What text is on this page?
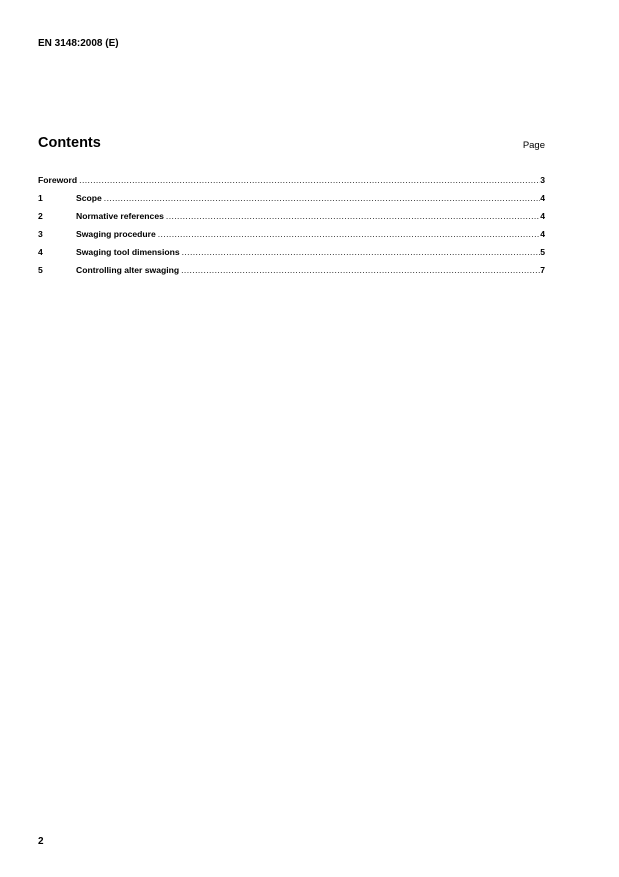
EN 3148:2008 (E)
Contents	Page
Foreword .....	3
1	Scope .....	4
2	Normative references .....	4
3	Swaging procedure .....	4
4	Swaging tool dimensions .....	5
5	Controlling alter swaging .....	7
2
